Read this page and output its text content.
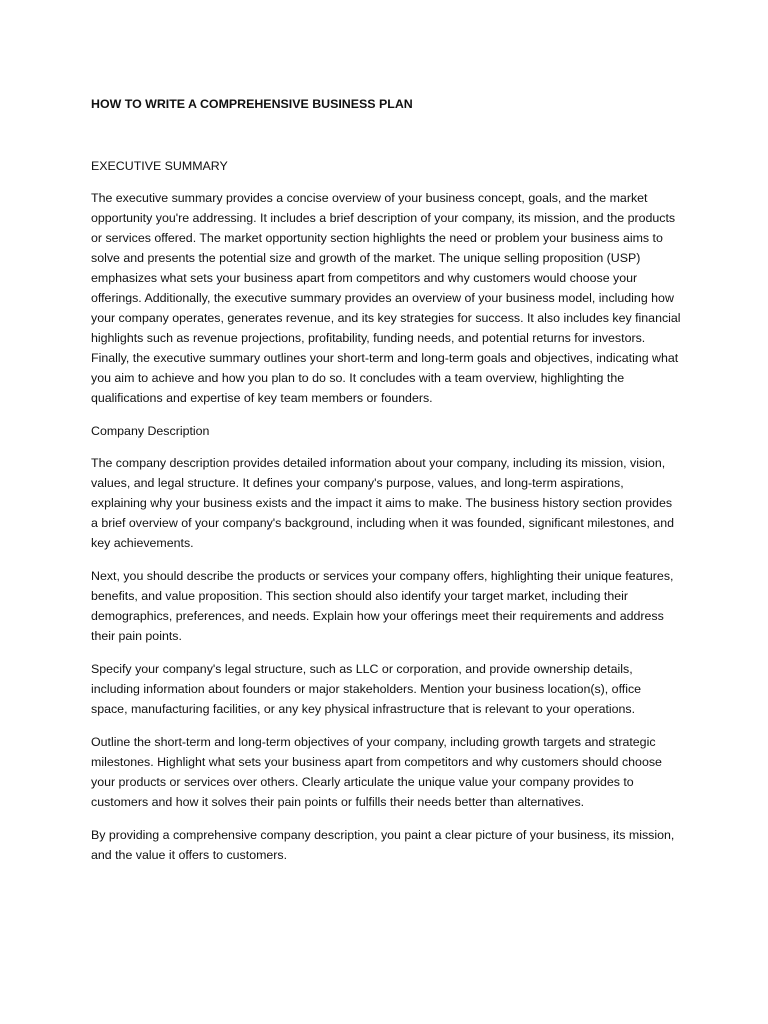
HOW TO WRITE A COMPREHENSIVE BUSINESS PLAN
EXECUTIVE SUMMARY

The executive summary provides a concise overview of your business concept, goals, and the market opportunity you're addressing. It includes a brief description of your company, its mission, and the products or services offered. The market opportunity section highlights the need or problem your business aims to solve and presents the potential size and growth of the market. The unique selling proposition (USP) emphasizes what sets your business apart from competitors and why customers would choose your offerings. Additionally, the executive summary provides an overview of your business model, including how your company operates, generates revenue, and its key strategies for success. It also includes key financial highlights such as revenue projections, profitability, funding needs, and potential returns for investors. Finally, the executive summary outlines your short-term and long-term goals and objectives, indicating what you aim to achieve and how you plan to do so. It concludes with a team overview, highlighting the qualifications and expertise of key team members or founders.

Company Description

The company description provides detailed information about your company, including its mission, vision, values, and legal structure. It defines your company's purpose, values, and long-term aspirations, explaining why your business exists and the impact it aims to make. The business history section provides a brief overview of your company's background, including when it was founded, significant milestones, and key achievements.

Next, you should describe the products or services your company offers, highlighting their unique features, benefits, and value proposition. This section should also identify your target market, including their demographics, preferences, and needs. Explain how your offerings meet their requirements and address their pain points.

Specify your company's legal structure, such as LLC or corporation, and provide ownership details, including information about founders or major stakeholders. Mention your business location(s), office space, manufacturing facilities, or any key physical infrastructure that is relevant to your operations.

Outline the short-term and long-term objectives of your company, including growth targets and strategic milestones. Highlight what sets your business apart from competitors and why customers should choose your products or services over others. Clearly articulate the unique value your company provides to customers and how it solves their pain points or fulfills their needs better than alternatives.

By providing a comprehensive company description, you paint a clear picture of your business, its mission, and the value it offers to customers.
